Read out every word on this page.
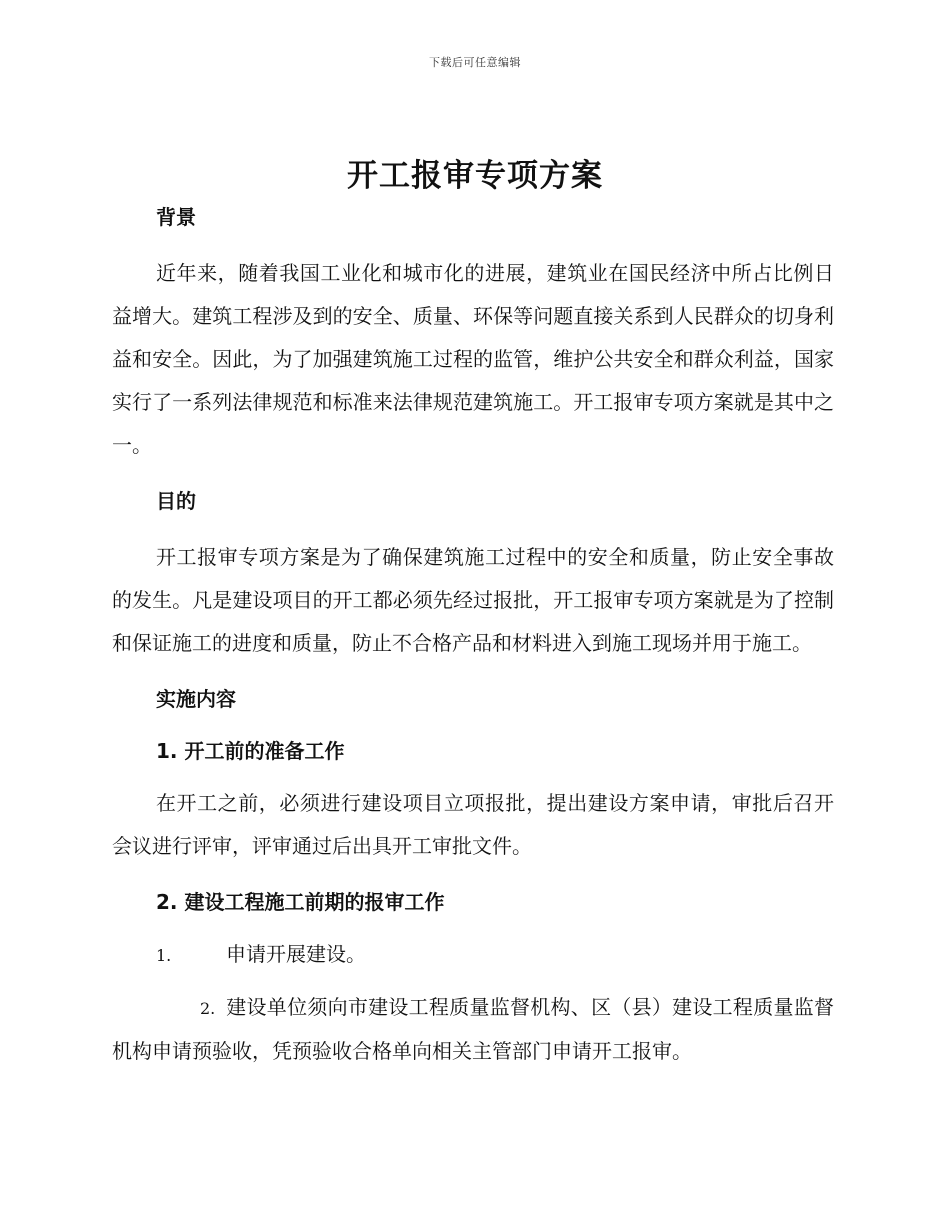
下载后可任意编辑
开工报审专项方案

背景

近年来，随着我国工业化和城市化的进展，建筑业在国民经济中所占比例日益增大。建筑工程涉及到的安全、质量、环保等问题直接关系到人民群众的切身利益和安全。因此，为了加强建筑施工过程的监管，维护公共安全和群众利益，国家实行了一系列法律规范和标准来法律规范建筑施工。开工报审专项方案就是其中之一。

目的

开工报审专项方案是为了确保建筑施工过程中的安全和质量，防止安全事故的发生。凡是建设项目的开工都必须先经过报批，开工报审专项方案就是为了控制和保证施工的进度和质量，防止不合格产品和材料进入到施工现场并用于施工。

实施内容

1. 开工前的准备工作

在开工之前，必须进行建设项目立项报批，提出建设方案申请，审批后召开会议进行评审，评审通过后出具开工审批文件。

2. 建设工程施工前期的报审工作

1.	申请开展建设。

2. 建设单位须向市建设工程质量监督机构、区（县）建设工程质量监督机构申请预验收，凭预验收合格单向相关主管部门申请开工报审。
